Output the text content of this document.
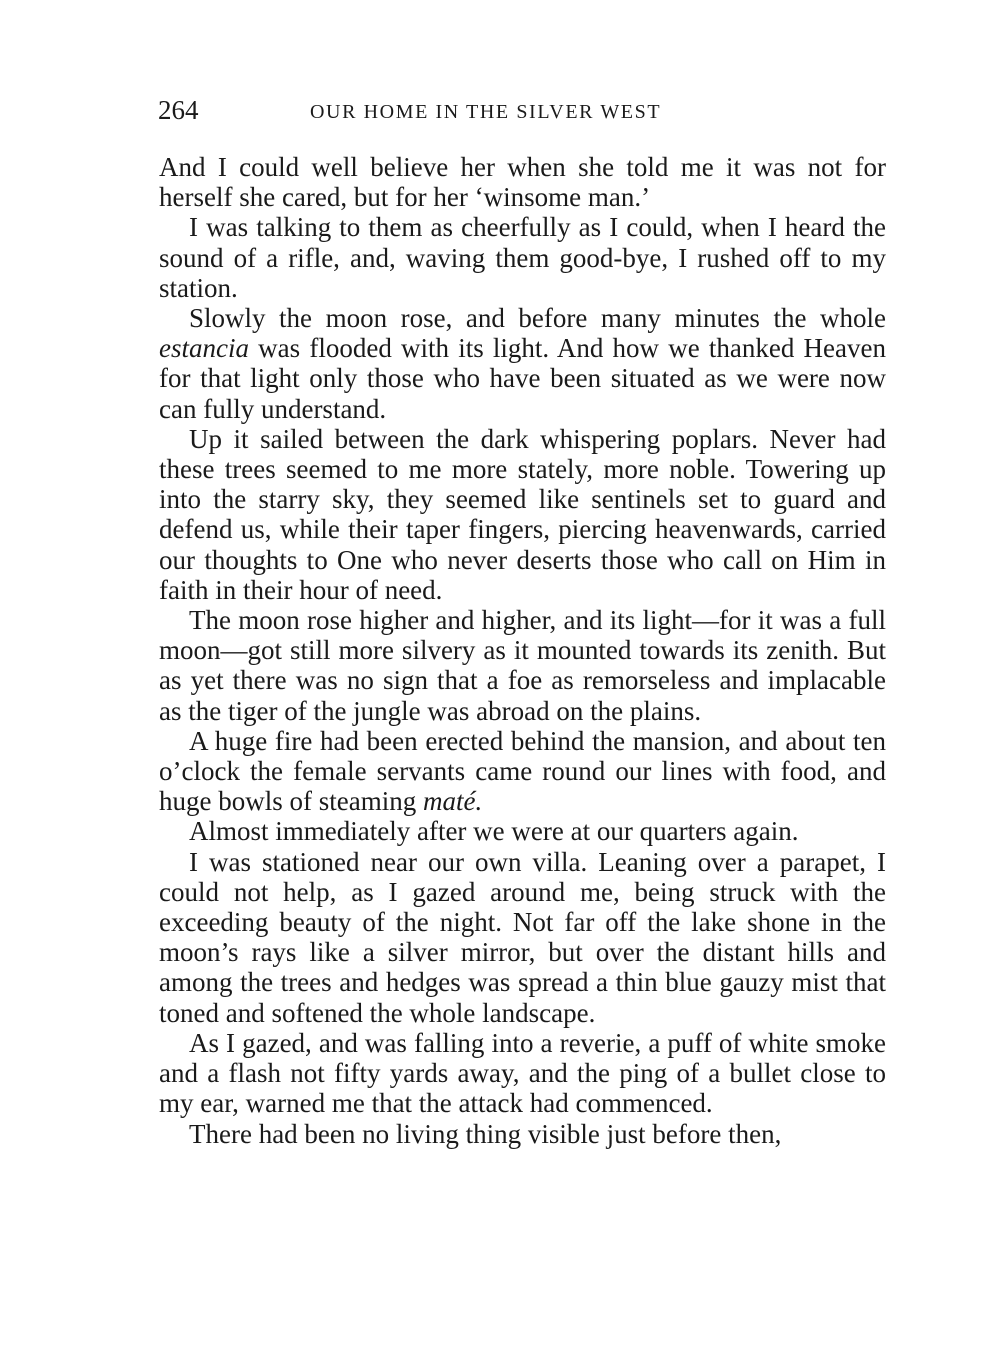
264	OUR HOME IN THE SILVER WEST

And I could well believe her when she told me it was not for herself she cared, but for her ‘winsome man.’

I was talking to them as cheerfully as I could, when I heard the sound of a rifle, and, waving them good-bye, I rushed off to my station.

Slowly the moon rose, and before many minutes the whole estancia was flooded with its light. And how we thanked Heaven for that light only those who have been situated as we were now can fully understand.

Up it sailed between the dark whispering poplars. Never had these trees seemed to me more stately, more noble. Towering up into the starry sky, they seemed like sentinels set to guard and defend us, while their taper fingers, piercing heavenwards, carried our thoughts to One who never deserts those who call on Him in faith in their hour of need.

The moon rose higher and higher, and its light—for it was a full moon—got still more silvery as it mounted towards its zenith. But as yet there was no sign that a foe as remorseless and implacable as the tiger of the jungle was abroad on the plains.

A huge fire had been erected behind the mansion, and about ten o’clock the female servants came round our lines with food, and huge bowls of steaming maté.

Almost immediately after we were at our quarters again.

I was stationed near our own villa. Leaning over a parapet, I could not help, as I gazed around me, being struck with the exceeding beauty of the night. Not far off the lake shone in the moon’s rays like a silver mirror, but over the distant hills and among the trees and hedges was spread a thin blue gauzy mist that toned and softened the whole landscape.

As I gazed, and was falling into a reverie, a puff of white smoke and a flash not fifty yards away, and the ping of a bullet close to my ear, warned me that the attack had commenced.

There had been no living thing visible just before then,
